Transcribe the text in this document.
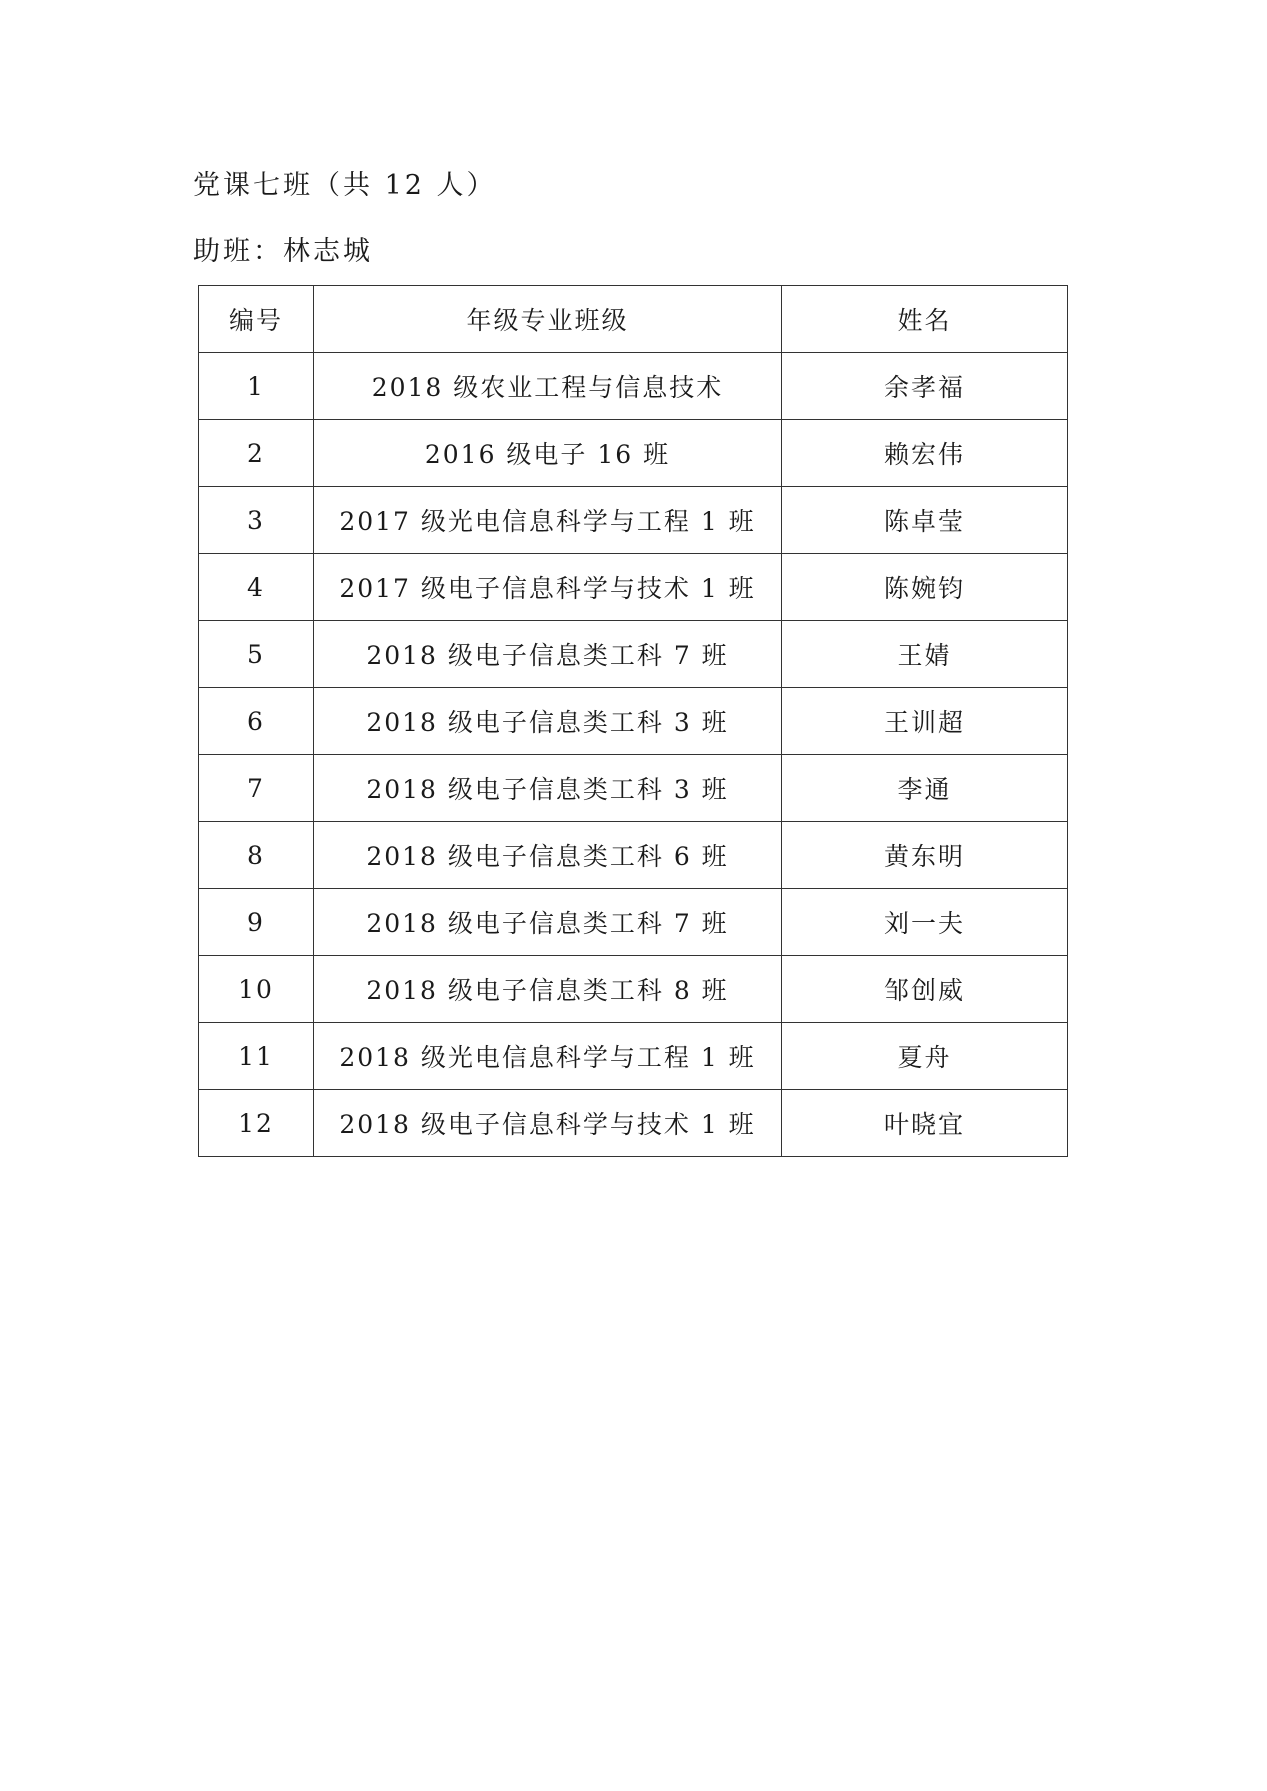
党课七班（共 12 人）
助班：林志城
编号	年级专业班级	姓名
1	2018 级农业工程与信息技术	余孝福
2	2016 级电子 16 班	赖宏伟
3	2017 级光电信息科学与工程 1 班	陈卓莹
4	2017 级电子信息科学与技术 1 班	陈婉钧
5	2018 级电子信息类工科 7 班	王婧
6	2018 级电子信息类工科 3 班	王训超
7	2018 级电子信息类工科 3 班	李通
8	2018 级电子信息类工科 6 班	黄东明
9	2018 级电子信息类工科 7 班	刘一夫
10	2018 级电子信息类工科 8 班	邹创威
11	2018 级光电信息科学与工程 1 班	夏舟
12	2018 级电子信息科学与技术 1 班	叶晓宜
